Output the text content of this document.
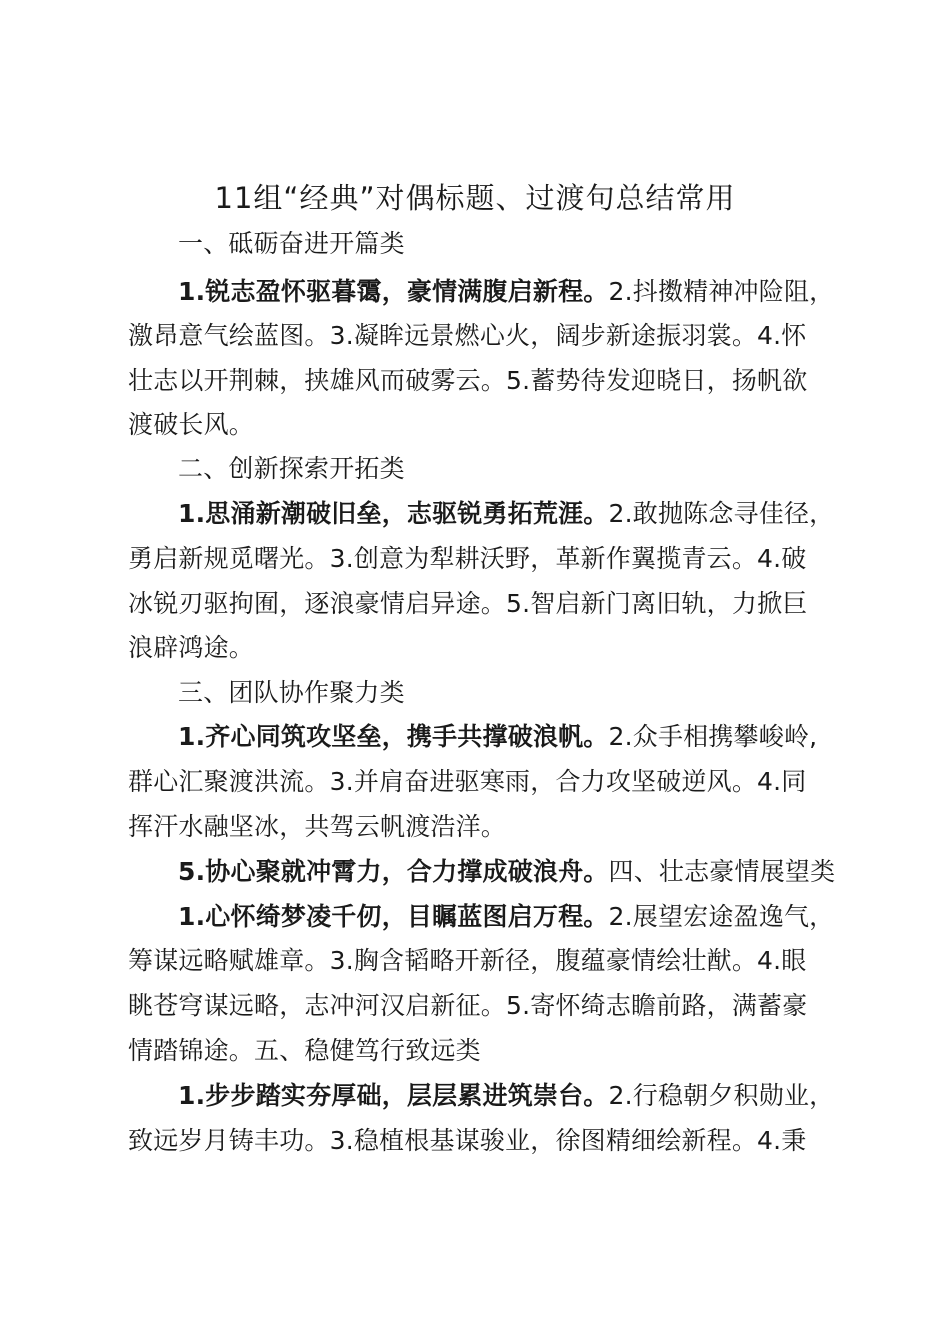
11组“经典”对偶标题、过渡句总结常用
一、砥砺奋进开篇类
1.锐志盈怀驱暮霭，豪情满腹启新程。2.抖擞精神冲险阻，
激昂意气绘蓝图。3.凝眸远景燃心火，阔步新途振羽裳。4.怀
壮志以开荆棘，挟雄风而破雾云。5.蓄势待发迎晓日，扬帆欲
渡破长风。
二、创新探索开拓类
1.思涌新潮破旧垒，志驱锐勇拓荒涯。2.敢抛陈念寻佳径，
勇启新规觅曙光。3.创意为犁耕沃野，革新作翼揽青云。4.破
冰锐刃驱拘囿，逐浪豪情启异途。5.智启新门离旧轨，力掀巨
浪辟鸿途。
三、团队协作聚力类
1.齐心同筑攻坚垒，携手共撑破浪帆。2.众手相携攀峻岭,
群心汇聚渡洪流。3.并肩奋进驱寒雨，合力攻坚破逆风。4.同
挥汗水融坚冰，共驾云帆渡浩洋。
5.协心聚就冲霄力，合力撑成破浪舟。四、壮志豪情展望类
1.心怀绮梦凌千仞，目瞩蓝图启万程。2.展望宏途盈逸气，
筹谋远略赋雄章。3.胸含韬略开新径，腹蕴豪情绘壮猷。4.眼
眺苍穹谋远略，志冲河汉启新征。5.寄怀绮志瞻前路，满蓄豪
情踏锦途。五、稳健笃行致远类
1.步步踏实夯厚础，层层累进筑崇台。2.行稳朝夕积勋业，
致远岁月铸丰功。3.稳植根基谋骏业，徐图精细绘新程。4.秉
